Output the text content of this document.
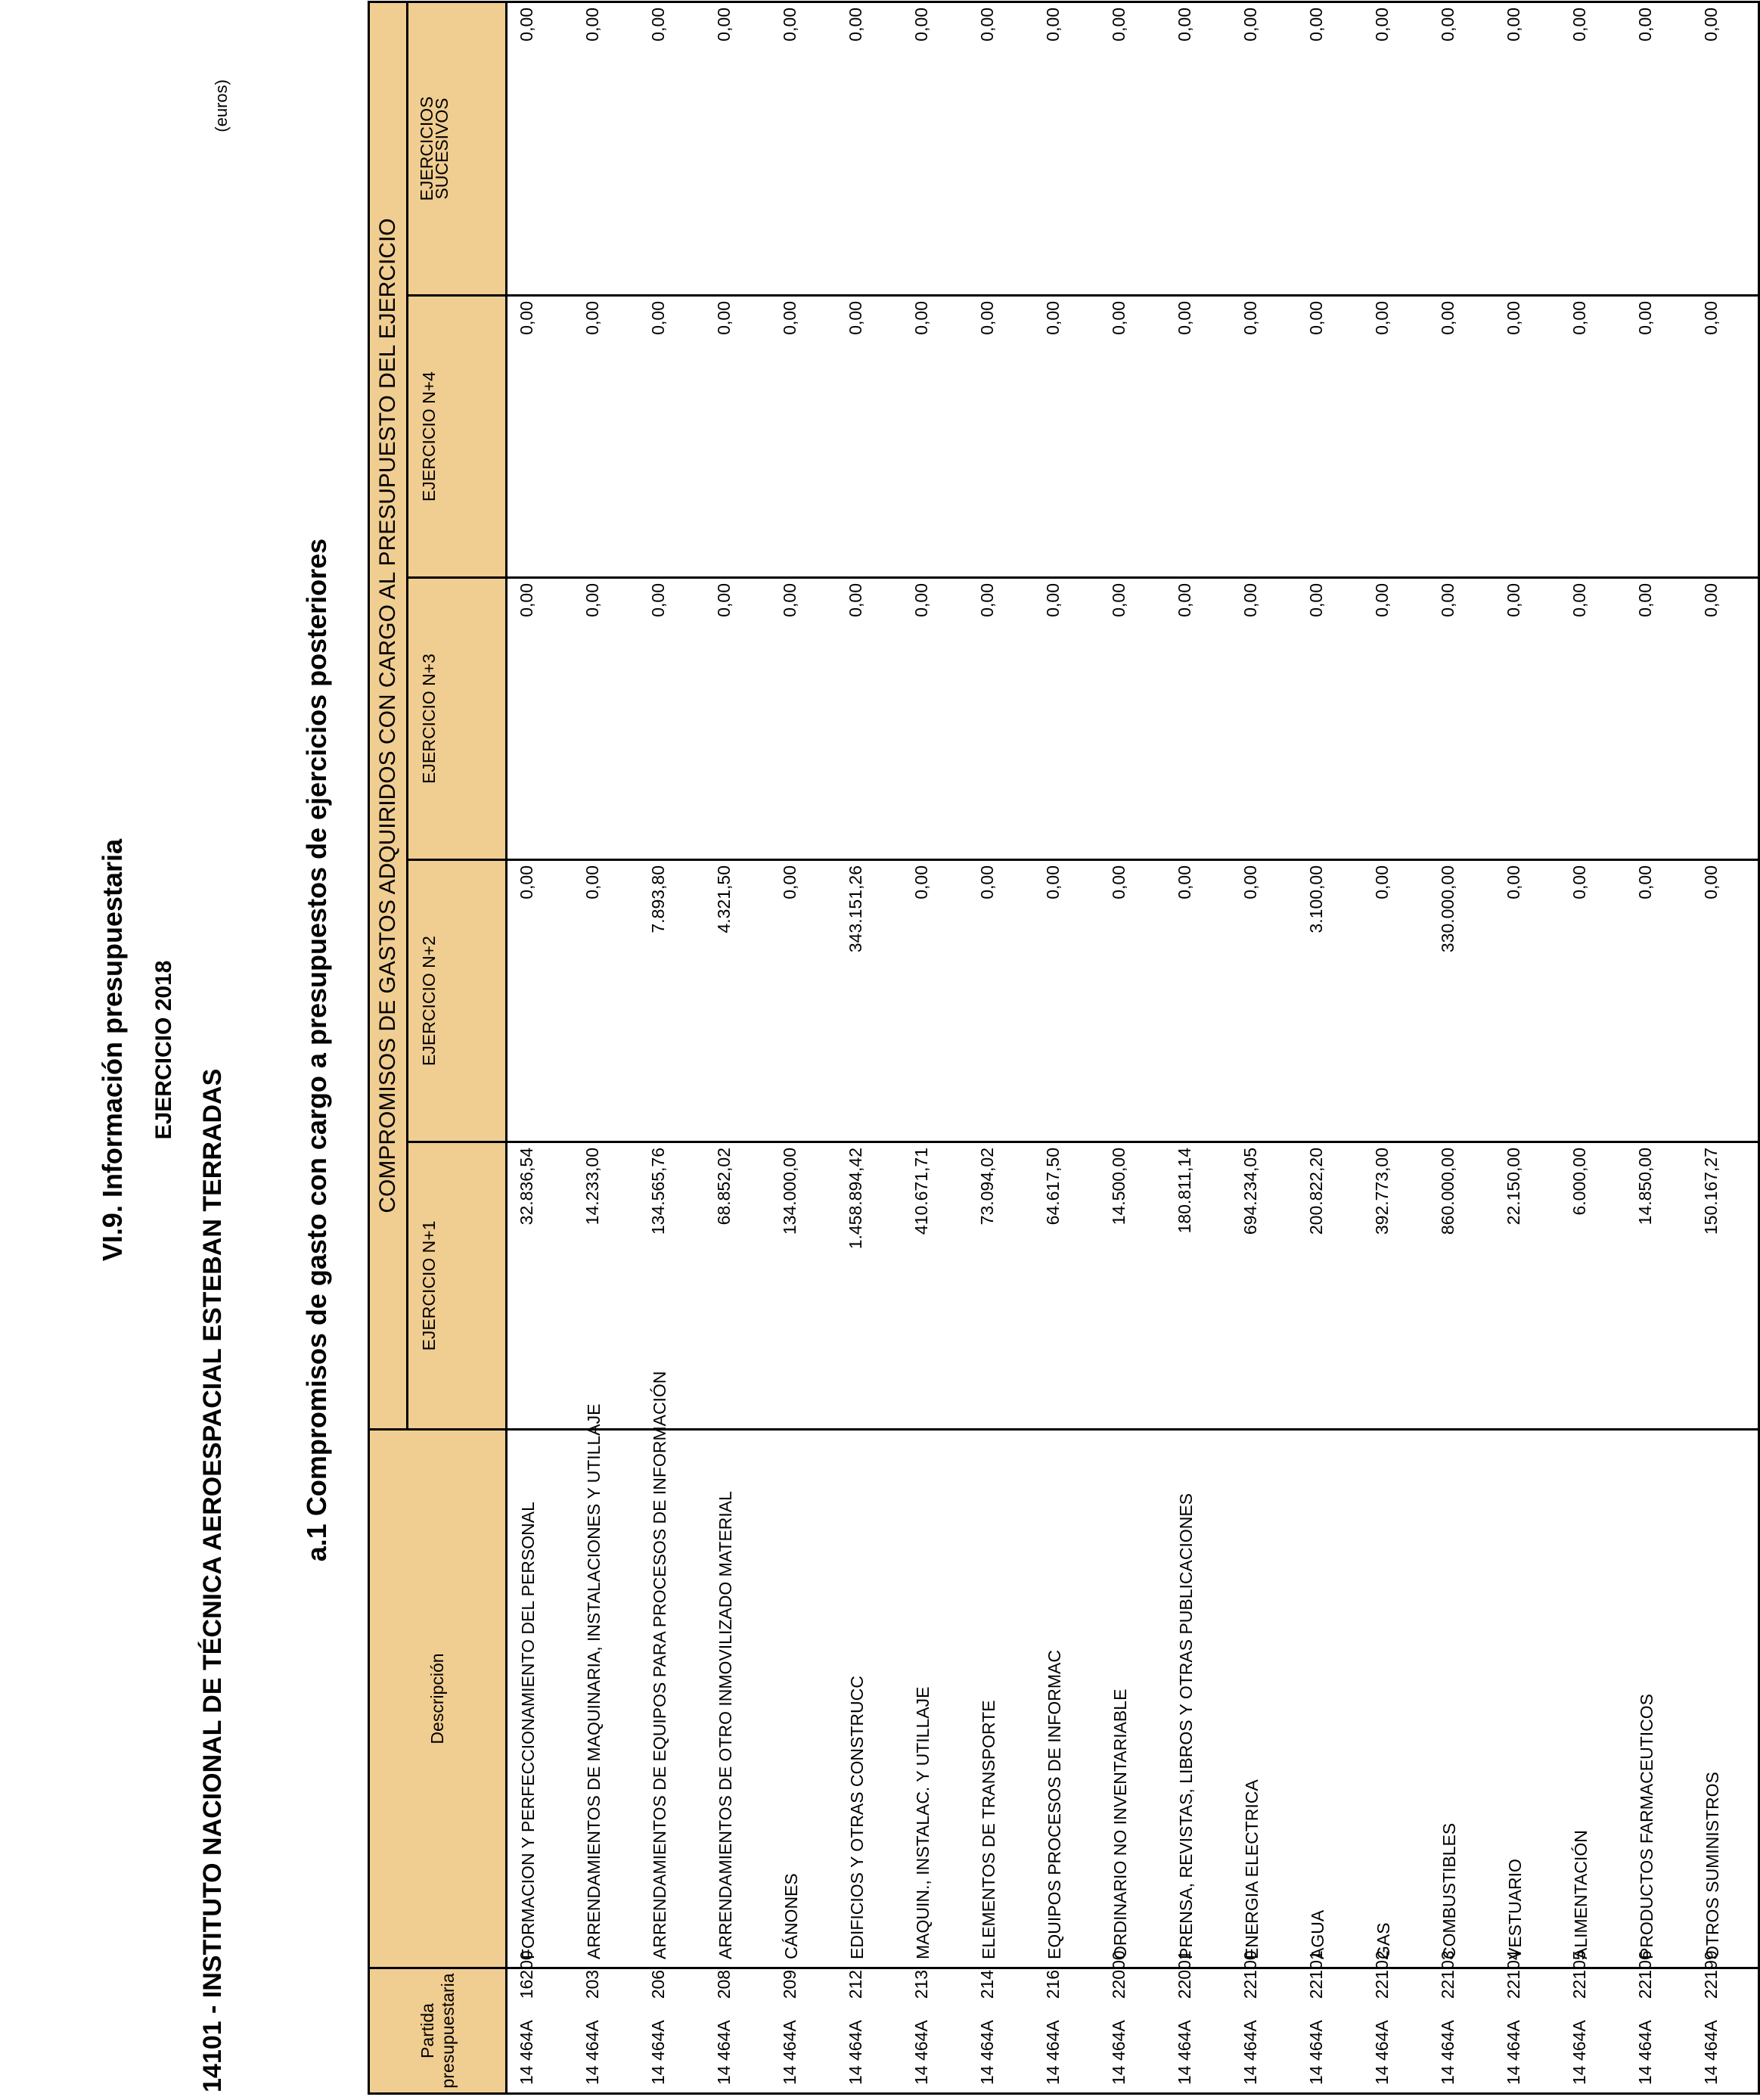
VI.9. Información presupuestaria EJERCICIO 2018
14101 - INSTITUTO NACIONAL DE TÉCNICA AEROESPACIAL ESTEBAN TERRADAS
(euros)
a.1 Compromisos de gasto con cargo a presupuestos de ejercicios posteriores
Partida presupuestaria	Descripción	COMPROMISOS DE GASTOS ADQUIRIDOS CON CARGO AL PRESUPUESTO DEL EJERCICIO				
		EJERCICIO N+1	EJERCICIO N+2	EJERCICIO N+3	EJERCICIO N+4	EJERCICIOS
SUCESIVOS
14 464A16200	FORMACION Y PERFECCIONAMIENTO DEL PERSONAL	32.836,54	0,00	0,00	0,00	0,00
14 464A203	ARRENDAMIENTOS DE MAQUINARIA, INSTALACIONES Y UTILLAJE	14.233,00	0,00	0,00	0,00	0,00
14 464A206	ARRENDAMIENTOS DE EQUIPOS PARA PROCESOS DE INFORMACIÓN	134.565,76	7.893,80	0,00	0,00	0,00
14 464A208	ARRENDAMIENTOS DE OTRO INMOVILIZADO MATERIAL	68.852,02	4.321,50	0,00	0,00	0,00
14 464A209	CÁNONES	134.000,00	0,00	0,00	0,00	0,00
14 464A212	EDIFICIOS Y OTRAS CONSTRUCC	1.458.894,42	343.151,26	0,00	0,00	0,00
14 464A213	MAQUIN., INSTALAC. Y UTILLAJE	410.671,71	0,00	0,00	0,00	0,00
14 464A214	ELEMENTOS DE TRANSPORTE	73.094,02	0,00	0,00	0,00	0,00
14 464A216	EQUIPOS PROCESOS DE INFORMAC	64.617,50	0,00	0,00	0,00	0,00
14 464A22000	ORDINARIO NO INVENTARIABLE	14.500,00	0,00	0,00	0,00	0,00
14 464A22001	PRENSA, REVISTAS, LIBROS Y OTRAS PUBLICACIONES	180.811,14	0,00	0,00	0,00	0,00
14 464A22100	ENERGIA ELECTRICA	694.234,05	0,00	0,00	0,00	0,00
14 464A22101	AGUA	200.822,20	3.100,00	0,00	0,00	0,00
14 464A22102	GAS	392.773,00	0,00	0,00	0,00	0,00
14 464A22103	COMBUSTIBLES	860.000,00	330.000,00	0,00	0,00	0,00
14 464A22104	VESTUARIO	22.150,00	0,00	0,00	0,00	0,00
14 464A22105	ALIMENTACIÓN	6.000,00	0,00	0,00	0,00	0,00
14 464A22106	PRODUCTOS FARMACEUTICOS	14.850,00	0,00	0,00	0,00	0,00
14 464A22199	OTROS SUMINISTROS	150.167,27	0,00	0,00	0,00	0,00
